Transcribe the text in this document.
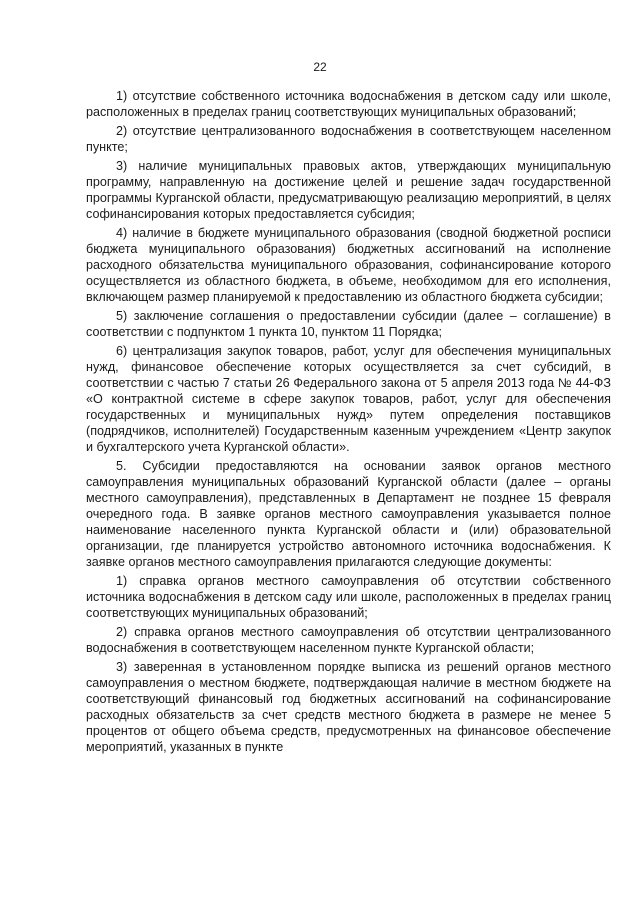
22

1) отсутствие собственного источника водоснабжения в детском саду или школе, расположенных в пределах границ соответствующих муниципальных образований;

2) отсутствие централизованного водоснабжения в соответствующем населенном пункте;

3) наличие муниципальных правовых актов, утверждающих муниципальную программу, направленную на достижение целей и решение задач государственной программы Курганской области, предусматривающую реализацию мероприятий, в целях софинансирования которых предоставляется субсидия;

4) наличие в бюджете муниципального образования (сводной бюджетной росписи бюджета муниципального образования) бюджетных ассигнований на исполнение расходного обязательства муниципального образования, софинансирование которого осуществляется из областного бюджета, в объеме, необходимом для его исполнения, включающем размер планируемой к предоставлению из областного бюджета субсидии;

5) заключение соглашения о предоставлении субсидии (далее – соглашение) в соответствии с подпунктом 1 пункта 10, пунктом 11 Порядка;

6) централизация закупок товаров, работ, услуг для обеспечения муниципальных нужд, финансовое обеспечение которых осуществляется за счет субсидий, в соответствии с частью 7 статьи 26 Федерального закона от 5 апреля 2013 года № 44-ФЗ «О контрактной системе в сфере закупок товаров, работ, услуг для обеспечения государственных и муниципальных нужд» путем определения поставщиков (подрядчиков, исполнителей) Государственным казенным учреждением «Центр закупок и бухгалтерского учета Курганской области».

5. Субсидии предоставляются на основании заявок органов местного самоуправления муниципальных образований Курганской области (далее – органы местного самоуправления), представленных в Департамент не позднее 15 февраля очередного года. В заявке органов местного самоуправления указывается полное наименование населенного пункта Курганской области и (или) образовательной организации, где планируется устройство автономного источника водоснабжения. К заявке органов местного самоуправления прилагаются следующие документы:

1) справка органов местного самоуправления об отсутствии собственного источника водоснабжения в детском саду или школе, расположенных в пределах границ соответствующих муниципальных образований;

2) справка органов местного самоуправления об отсутствии централизованного водоснабжения в соответствующем населенном пункте Курганской области;

3) заверенная в установленном порядке выписка из решений органов местного самоуправления о местном бюджете, подтверждающая наличие в местном бюджете на соответствующий финансовый год бюджетных ассигнований на софинансирование расходных обязательств за счет средств местного бюджета в размере не менее 5 процентов от общего объема средств, предусмотренных на финансовое обеспечение мероприятий, указанных в пункте
